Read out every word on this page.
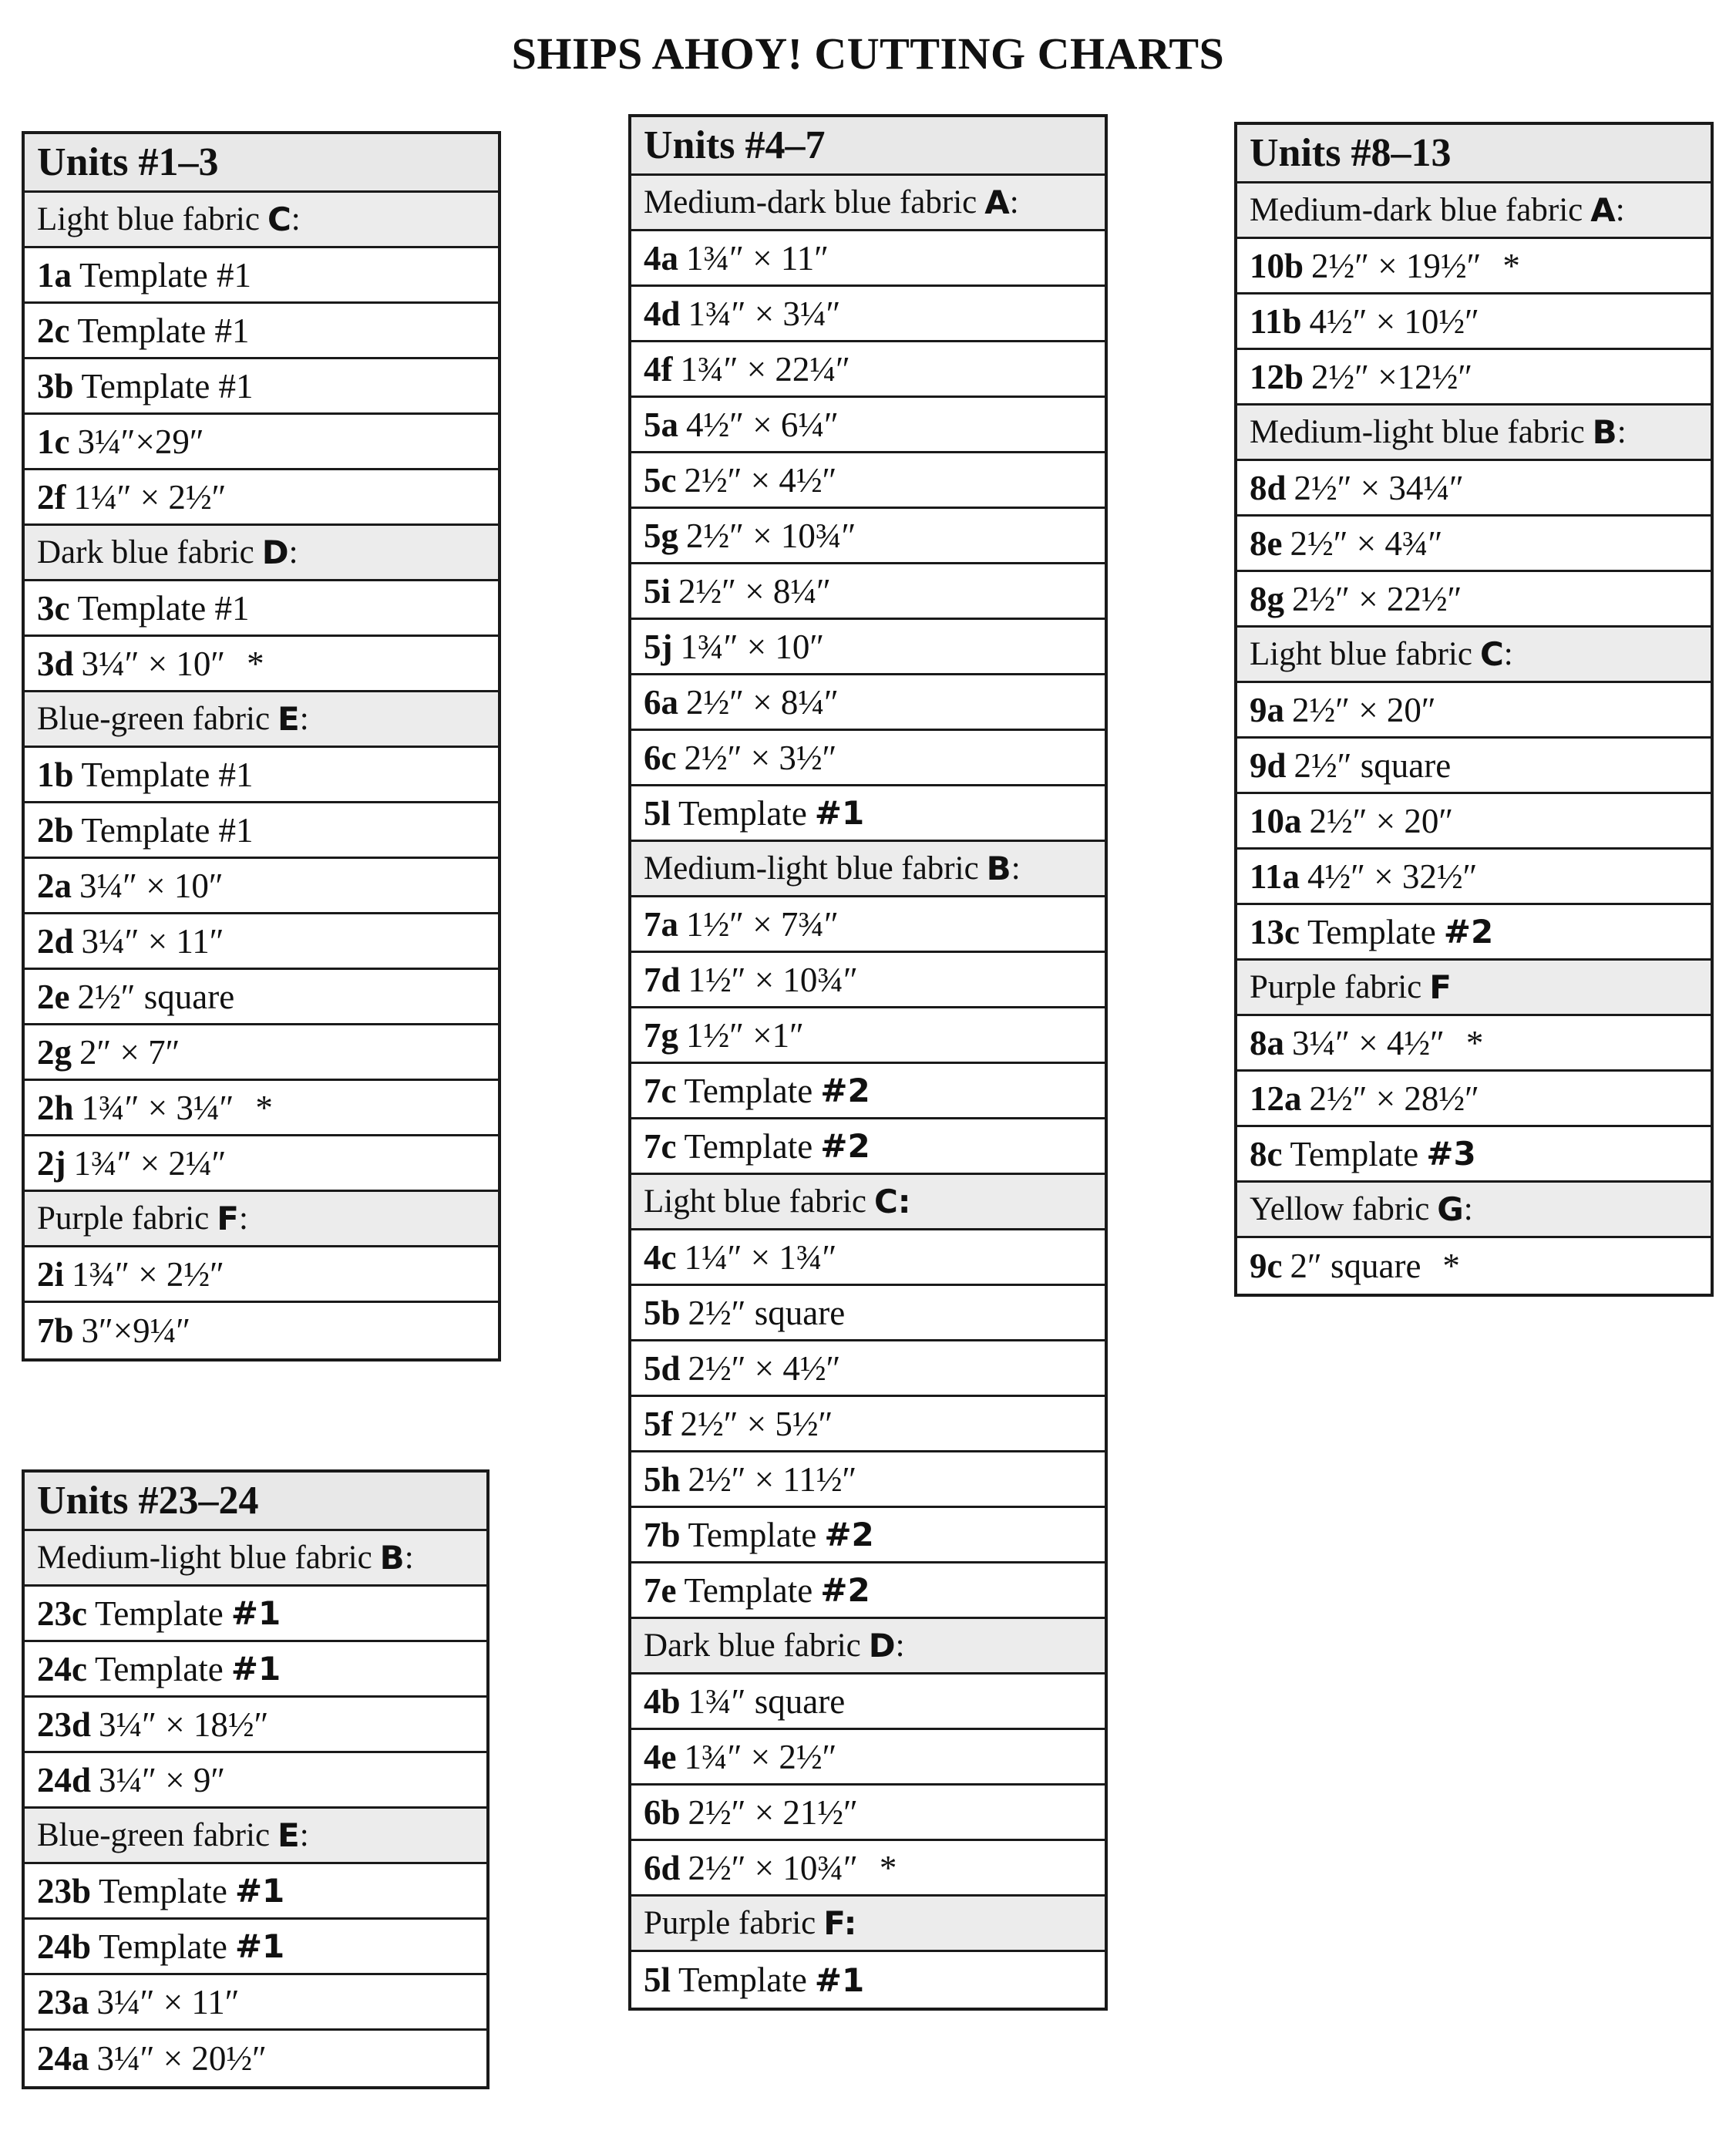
SHIPS AHOY! CUTTING CHARTS
Units #1–3
Light blue fabric C :
1a Template #1
2c Template #1
3b Template #1
1c 3¼″×29″
2f 1¼″ × 2½″
Dark blue fabric D :
3c Template #1
3d 3¼″ × 10″ *
Blue-green fabric E :
1b Template #1
2b Template #1
2a 3¼″ × 10″
2d 3¼″ × 11″
2e 2½″ square
2g 2″ × 7″
2h 1¾″ × 3¼″ *
2j 1¾″ × 2¼″
Purple fabric F :
2i 1¾″ × 2½″
7b 3″×9¼″
Units #4–7
Medium-dark blue fabric A :
4a 1¾″ × 11″
4d 1¾″ × 3¼″
4f 1¾″ × 22¼″
5a 4½″ × 6¼″
5c 2½″ × 4½″
5g 2½″ × 10¾″
5i 2½″ × 8¼″
5j 1¾″ × 10″
6a 2½″ × 8¼″
6c 2½″ × 3½″
5l Template #1
Medium-light blue fabric B :
7a 1½″ × 7¾″
7d 1½″ × 10¾″
7g 1½″ ×1″
7c Template #2
7c Template #2
Light blue fabric C:
4c 1¼″ × 1¾″
5b 2½″ square
5d 2½″ × 4½″
5f 2½″ × 5½″
5h 2½″ × 11½″
7b Template #2
7e Template #2
Dark blue fabric D :
4b 1¾″ square
4e 1¾″ × 2½″
6b 2½″ × 21½″
6d 2½″ × 10¾″ *
Purple fabric F:
5l Template #1
Units #8–13
Medium-dark blue fabric A :
10b 2½″ × 19½″ *
11b 4½″ × 10½″
12b 2½″ ×12½″
Medium-light blue fabric B :
8d 2½″ × 34¼″
8e 2½″ × 4¾″
8g 2½″ × 22½″
Light blue fabric C :
9a 2½″ × 20″
9d 2½″ square
10a 2½″ × 20″
11a 4½″ × 32½″
13c Template #2
Purple fabric F
8a 3¼″ × 4½″ *
12a 2½″ × 28½″
8c Template #3
Yellow fabric G :
9c 2″ square *
Units #23–24
Medium-light blue fabric B :
23c Template #1
24c Template #1
23d 3¼″ × 18½″
24d 3¼″ × 9″
Blue-green fabric E :
23b Template #1
24b Template #1
23a 3¼″ × 11″
24a 3¼″ × 20½″
